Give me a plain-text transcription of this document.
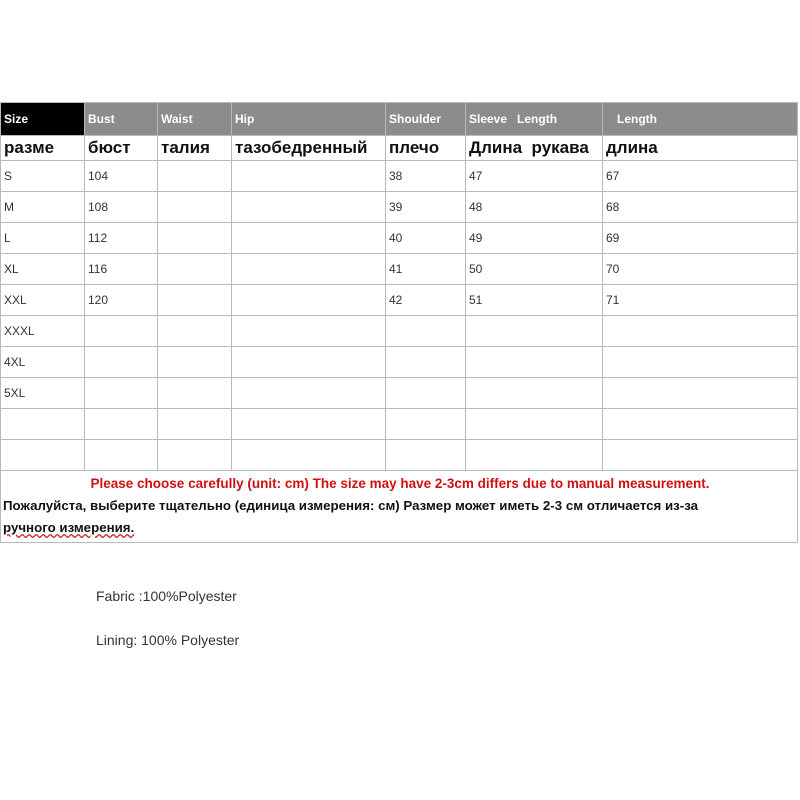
Size	Bust	Waist	Hip	Shoulder	Sleeve   Length	Length
разме	бюст	талия	тазобедренный	плечо	Длина  рукава	длина
S	104			38	47	67
M	108			39	48	68
L	112			40	49	69
XL	116			41	50	70
XXL	120			42	51	71
XXXL						
4XL						
5XL						

Please choose carefully (unit: cm) The size may have 2-3cm differs due to manual measurement.
Пожалуйста, выберите тщательно (единица измерения: см) Размер может иметь 2-3 см отличается из-за
ручного измерения.						
Fabric :100%Polyester
Lining: 100% Polyester
